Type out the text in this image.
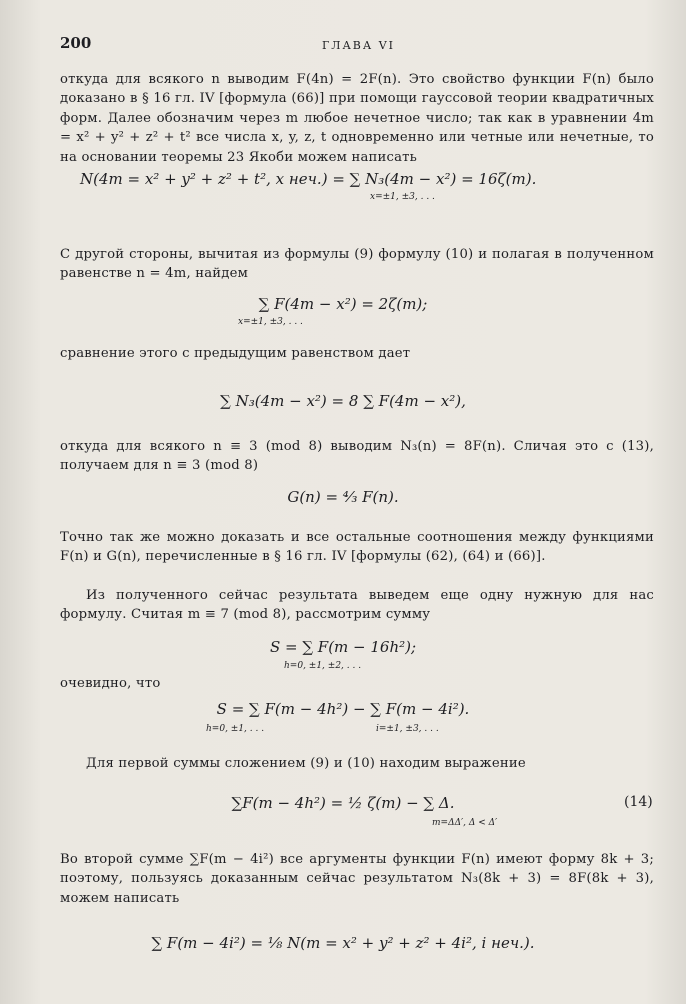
200	ГЛАВА VI
откуда для всякого n выводим F(4n) = 2F(n). Это свойство функции F(n) было доказано в § 16 гл. IV [формула (66)] при помощи гауссовой теории квадратичных форм. Далее обозначим через m любое нечетное число; так как в уравнении 4m = x² + y² + z² + t² все числа x, y, z, t одновременно или четные или нечетные, то на основании теоремы 23 Якоби можем написать
N(4m = x² + y² + z² + t², x неч.) = ∑ N₃(4m − x²) = 16ζ(m).
x=±1, ±3, . . .
С другой стороны, вычитая из формулы (9) формулу (10) и полагая в полученном равенстве n = 4m, найдем
∑ F(4m − x²) = 2ζ(m);
x=±1, ±3, . . .
сравнение этого с предыдущим равенством дает
∑ N₃(4m − x²) = 8 ∑ F(4m − x²),
откуда для всякого n ≡ 3 (mod 8) выводим N₃(n) = 8F(n). Сличая это с (13), получаем для n ≡ 3 (mod 8)
G(n) = ⁴⁄₃ F(n).
Точно так же можно доказать и все остальные соотношения между функциями F(n) и G(n), перечисленные в § 16 гл. IV [формулы (62), (64) и (66)].
Из полученного сейчас результата выведем еще одну нужную для нас формулу. Считая m ≡ 7 (mod 8), рассмотрим сумму
S = ∑ F(m − 16h²);
h=0, ±1, ±2, . . .
очевидно, что
S = ∑ F(m − 4h²) − ∑ F(m − 4i²).
h=0, ±1, . . .	i=±1, ±3, . . .
Для первой суммы сложением (9) и (10) находим выражение
∑F(m − 4h²) = ½ ζ(m) − ∑ Δ.
m=ΔΔ′, Δ < Δ′
(14)
Во второй сумме ∑F(m − 4i²) все аргументы функции F(n) имеют форму 8k + 3; поэтому, пользуясь доказанным сейчас результатом N₃(8k + 3) = 8F(8k + 3), можем написать
∑ F(m − 4i²) = ⅛ N(m = x² + y² + z² + 4i², i неч.).
